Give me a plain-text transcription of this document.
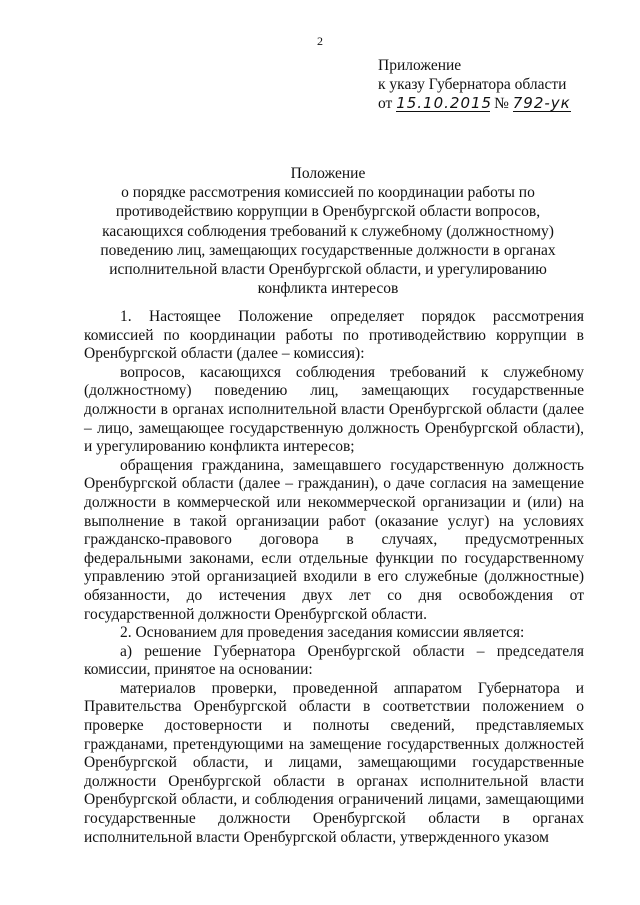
2
Приложение
к указу Губернатора области
от 15.10.2015 № 792-ук
Положение
о порядке рассмотрения комиссией по координации работы по противодействию коррупции в Оренбургской области вопросов, касающихся соблюдения требований к служебному (должностному) поведению лиц, замещающих государственные должности в органах исполнительной власти Оренбургской области, и урегулированию конфликта интересов

1. Настоящее Положение определяет порядок рассмотрения комиссией по координации работы по противодействию коррупции в Оренбургской области (далее – комиссия):

вопросов, касающихся соблюдения требований к служебному (должностному) поведению лиц, замещающих государственные должности в органах исполнительной власти Оренбургской области (далее – лицо, замещающее государственную должность Оренбургской области), и урегулированию конфликта интересов;

обращения гражданина, замещавшего государственную должность Оренбургской области (далее – гражданин), о даче согласия на замещение должности в коммерческой или некоммерческой организации и (или) на выполнение в такой организации работ (оказание услуг) на условиях гражданско-правового договора в случаях, предусмотренных федеральными законами, если отдельные функции по государственному управлению этой организацией входили в его служебные (должностные) обязанности, до истечения двух лет со дня освобождения от государственной должности Оренбургской области.

2. Основанием для проведения заседания комиссии является:

а) решение Губернатора Оренбургской области – председателя комиссии, принятое на основании:

материалов проверки, проведенной аппаратом Губернатора и Правительства Оренбургской области в соответствии положением о проверке достоверности и полноты сведений, представляемых гражданами, претендующими на замещение государственных должностей Оренбургской области, и лицами, замещающими государственные должности Оренбургской области в органах исполнительной власти Оренбургской области, и соблюдения ограничений лицами, замещающими государственные должности Оренбургской области в органах исполнительной власти Оренбургской области, утвержденного указом
